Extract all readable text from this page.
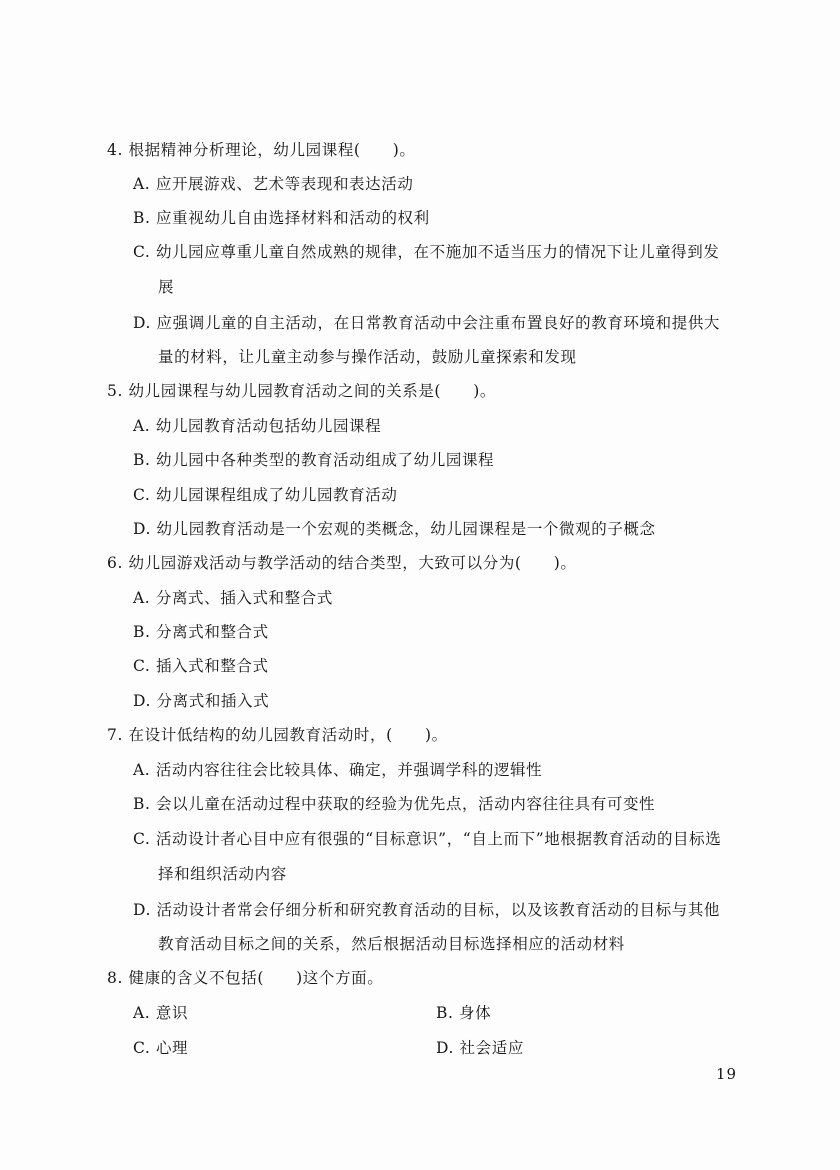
4. 根据精神分析理论，幼儿园课程(　　)。
A. 应开展游戏、艺术等表现和表达活动
B. 应重视幼儿自由选择材料和活动的权利
C. 幼儿园应尊重儿童自然成熟的规律，在不施加不适当压力的情况下让儿童得到发
展
D. 应强调儿童的自主活动，在日常教育活动中会注重布置良好的教育环境和提供大
量的材料，让儿童主动参与操作活动，鼓励儿童探索和发现
5. 幼儿园课程与幼儿园教育活动之间的关系是(　　)。
A. 幼儿园教育活动包括幼儿园课程
B. 幼儿园中各种类型的教育活动组成了幼儿园课程
C. 幼儿园课程组成了幼儿园教育活动
D. 幼儿园教育活动是一个宏观的类概念，幼儿园课程是一个微观的子概念
6. 幼儿园游戏活动与教学活动的结合类型，大致可以分为(　　)。
A. 分离式、插入式和整合式
B. 分离式和整合式
C. 插入式和整合式
D. 分离式和插入式
7. 在设计低结构的幼儿园教育活动时，(　　)。
A. 活动内容往往会比较具体、确定，并强调学科的逻辑性
B. 会以儿童在活动过程中获取的经验为优先点，活动内容往往具有可变性
C. 活动设计者心目中应有很强的“目标意识”，“自上而下”地根据教育活动的目标选
择和组织活动内容
D. 活动设计者常会仔细分析和研究教育活动的目标，以及该教育活动的目标与其他
教育活动目标之间的关系，然后根据活动目标选择相应的活动材料
8. 健康的含义不包括(　　)这个方面。
A. 意识	B. 身体
C. 心理	D. 社会适应
19
